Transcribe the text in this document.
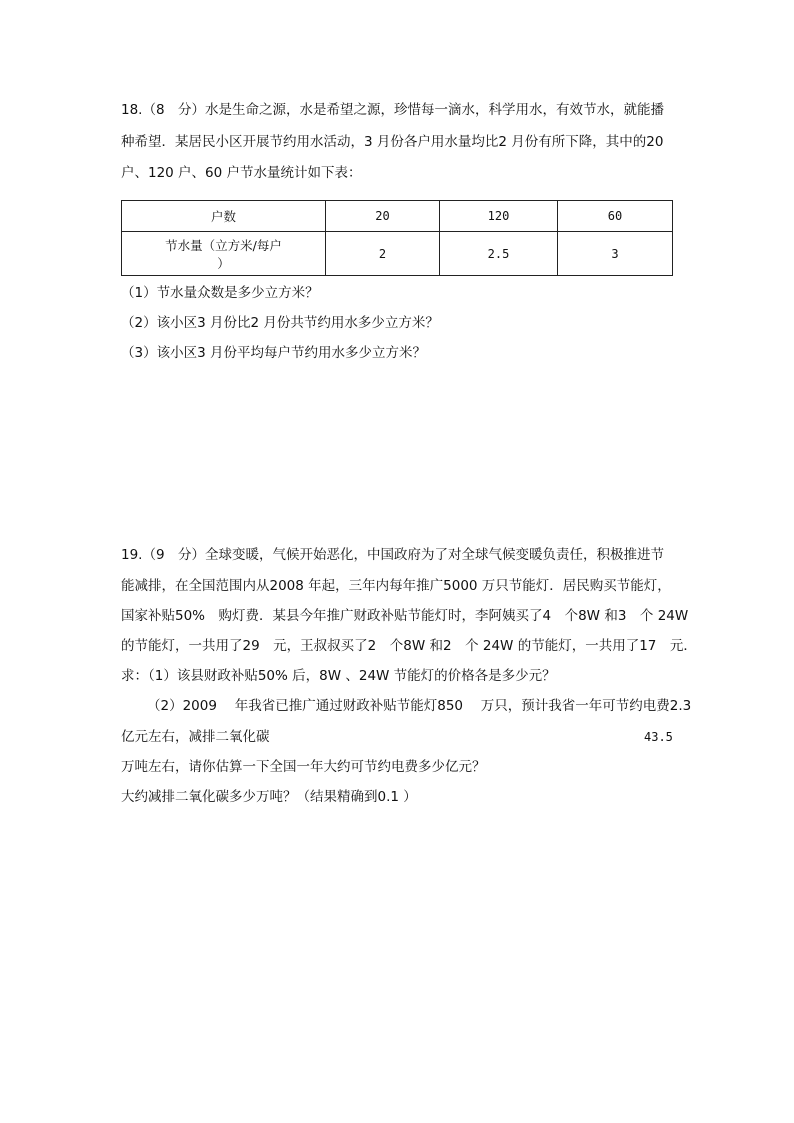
18.（8　分）水是生命之源，水是希望之源，珍惜每一滴水，科学用水，有效节水，就能播
种希望．某居民小区开展节约用水活动，3 月份各户用水量均比2 月份有所下降，其中的20
户、120 户、60 户节水量统计如下表：
户数	20	120	60

节水量（立方米/每户
）	2	2.5	3
（1）节水量众数是多少立方米？
（2）该小区3 月份比2 月份共节约用水多少立方米？
（3）该小区3 月份平均每户节约用水多少立方米？
19.（9　分）全球变暖，气候开始恶化，中国政府为了对全球气候变暖负责任，积极推进节
能减排，在全国范围内从2008 年起，三年内每年推广5000 万只节能灯．居民购买节能灯，
国家补贴50%　购灯费．某县今年推广财政补贴节能灯时，李阿姨买了4　个8W 和3　个 24W
的节能灯，一共用了29　元，王叔叔买了2　个8W 和2　个 24W 的节能灯，一共用了17　元．
求：（1）该县财政补贴50% 后，8W 、24W 节能灯的价格各是多少元？
（2）2009　 年我省已推广通过财政补贴节能灯850　 万只，预计我省一年可节约电费2.3
亿元左右，减排二氧化碳	43.5
万吨左右，请你估算一下全国一年大约可节约电费多少亿元？
大约减排二氧化碳多少万吨？（结果精确到0.1 ）
